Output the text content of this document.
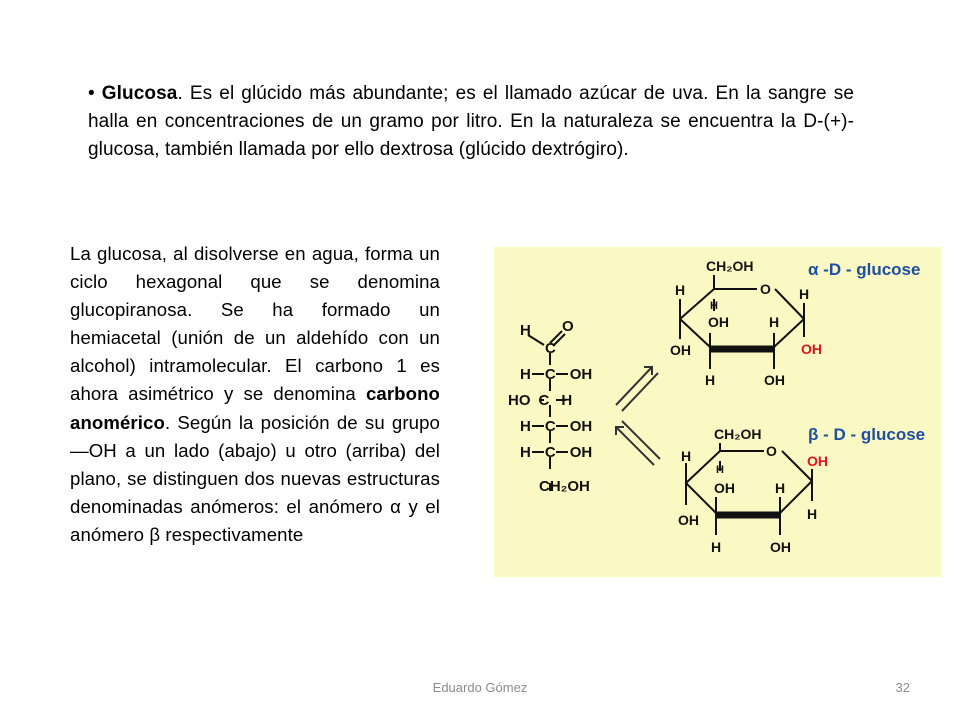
• Glucosa. Es el glúcido más abundante; es el llamado azúcar de uva. En la sangre se halla en concentraciones de un gramo por litro. En la naturaleza se encuentra la D-(+)-glucosa, también llamada por ello dextrosa (glúcido dextrógiro).
La glucosa, al disolverse en agua, forma un ciclo hexagonal que se denomina glucopiranosa. Se ha formado un hemiacetal (unión de un aldehído con un alcohol) intramolecular. El carbono 1 es ahora asimétrico y se denomina carbono anomérico. Según la posición de su grupo —OH a un lado (abajo) u otro (arriba) del plano, se distinguen dos nuevas estructuras denominadas anómeros: el anómero α y el anómero β respectivamente
α -D - glucose
β - D - glucose
H O
C
H C OH
HO C H
H C OH
H C OH
CH₂OH
CH₂OH
O
H
H
OH
OH
H
H
OH
H
OH
CH₂OH
O
H
H
OH
OH
H
H
OH
OH
H
Eduardo Gómez	32
